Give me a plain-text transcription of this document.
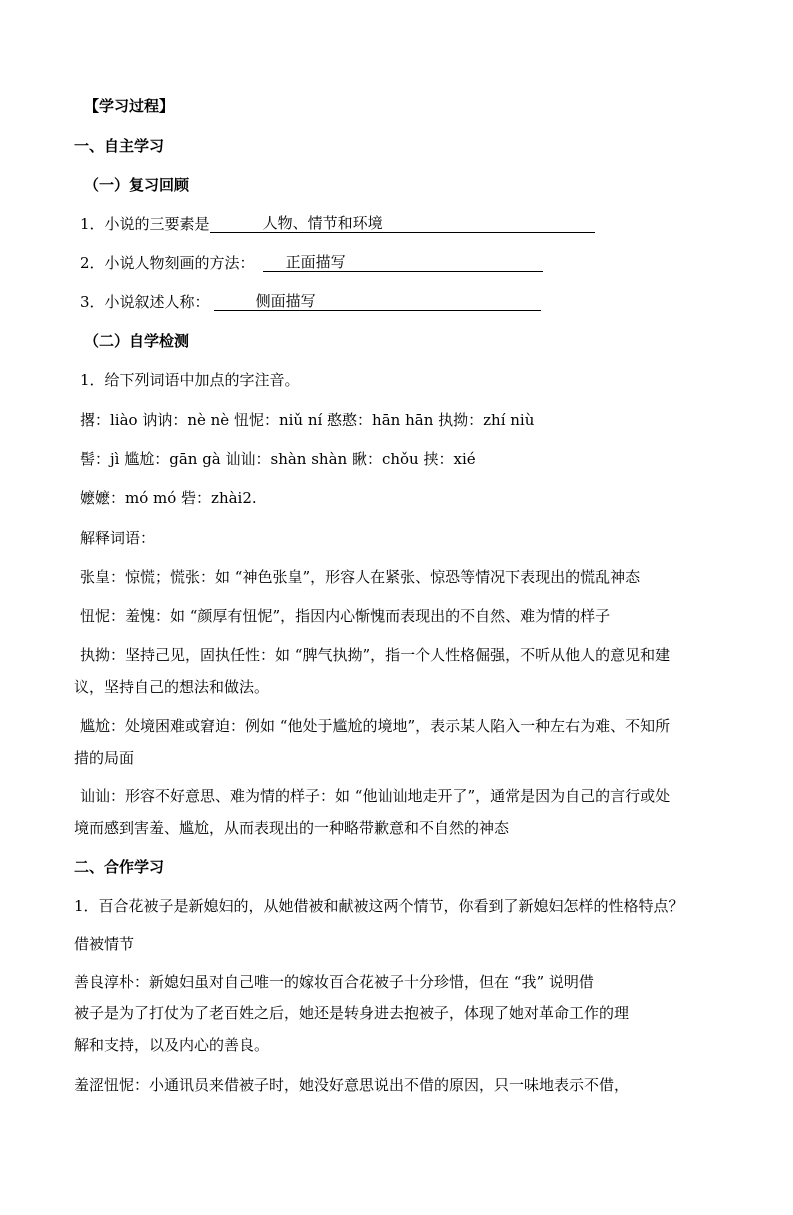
【学习过程】
一、自主学习
（一）复习回顾
1．小说的三要素是	人物、情节和环境
2．小说人物刻画的方法： 正面描写
3．小说叙述人称：	侧面描写
（二）自学检测
1．给下列词语中加点的字注音。
撂：liào 讷讷：nè nè 忸怩：niǔ ní 憨憨：hān hān 执拗：zhí niù
髻：jì 尴尬：gān gà 讪讪：shàn shàn 瞅：chǒu 挟：xié
嬷嬷：mó mó 砦：zhài2.
解释词语：
张皇：惊慌；慌张：如 “神色张皇”，形容人在紧张、惊恐等情况下表现出的慌乱神态
忸怩：羞愧：如 “颜厚有忸怩”，指因内心惭愧而表现出的不自然、难为情的样子
执拗：坚持己见，固执任性：如 “脾气执拗”，指一个人性格倔强，不听从他人的意见和建
议，坚持自己的想法和做法。
尴尬：处境困难或窘迫：例如 “他处于尴尬的境地”，表示某人陷入一种左右为难、不知所
措的局面
讪讪：形容不好意思、难为情的样子：如 “他讪讪地走开了”，通常是因为自己的言行或处
境而感到害羞、尴尬，从而表现出的一种略带歉意和不自然的神态
二、合作学习
1．百合花被子是新媳妇的，从她借被和献被这两个情节，你看到了新媳妇怎样的性格特点？
借被情节
善良淳朴：新媳妇虽对自己唯一的嫁妆百合花被子十分珍惜，但在 “我” 说明借
被子是为了打仗为了老百姓之后，她还是转身进去抱被子，体现了她对革命工作的理
解和支持，以及内心的善良。
羞涩忸怩：小通讯员来借被子时，她没好意思说出不借的原因，只一味地表示不借，
